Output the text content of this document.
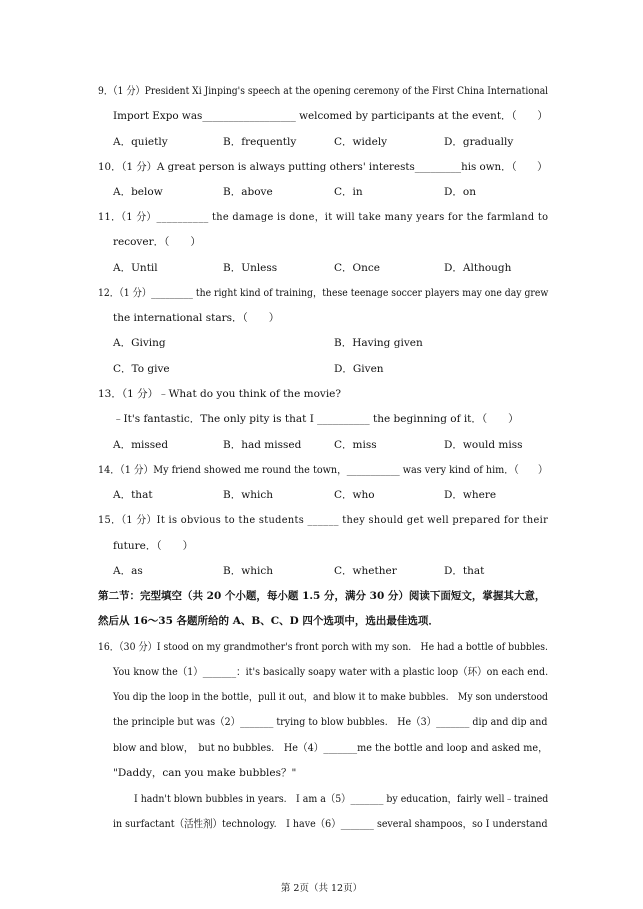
9．（1 分）President Xi Jinping's speech at the opening ceremony of the First China International
Import Expo was__________________ welcomed by participants at the event．（　　）
A．quietly	B．frequently	C．widely	D．gradually
10．（1 分）A great person is always putting others' interests_________his own．（　　）
A．below	B．above	C．in	D．on
11．（1 分）__________ the damage is done，it will take many years for the farmland to
recover．（　　）
A．Until	B．Unless	C．Once	D．Although
12．（1 分）_________ the right kind of training，these teenage soccer players may one day grew
the international stars．（　　）
A．Giving	B．Having given
C．To give	D．Given
13．（1 分）﹣What do you think of the movie?
﹣It's fantastic．The only pity is that I __________ the beginning of it．（　　）
A．missed	B．had missed	C．miss	D．would miss
14．（1 分）My friend showed me round the town，___________ was very kind of him．（　　）
A．that	B．which	C．who	D．where
15．（1 分）It is obvious to the students ______ they should get well prepared for their
future．（　　）
A．as	B．which	C．whether	D．that
第二节：完型填空（共 20 个小题，每小题 1.5 分，满分 30 分）阅读下面短文，掌握其大意，
然后从 16～35 各题所给的 A、B、C、D 四个选项中，选出最佳选项．
16．（30 分）I stood on my grandmother's front porch with my son.　He had a bottle of bubbles.
You know the（1）_______：it's basically soapy water with a plastic loop（环）on each end.
You dip the loop in the bottle，pull it out，and blow it to make bubbles.　My son understood
the principle but was（2）_______ trying to blow bubbles.　He（3）_______ dip and dip and
blow and blow，　but no bubbles.　He（4）_______me the bottle and loop and asked me，
"Daddy，can you make bubbles？"
I hadn't blown bubbles in years.　I am a（5）_______ by education，fairly well﹣trained
in surfactant（活性剂）technology.　I have（6）_______ several shampoos，so I understand
第 2页（共 12页）
